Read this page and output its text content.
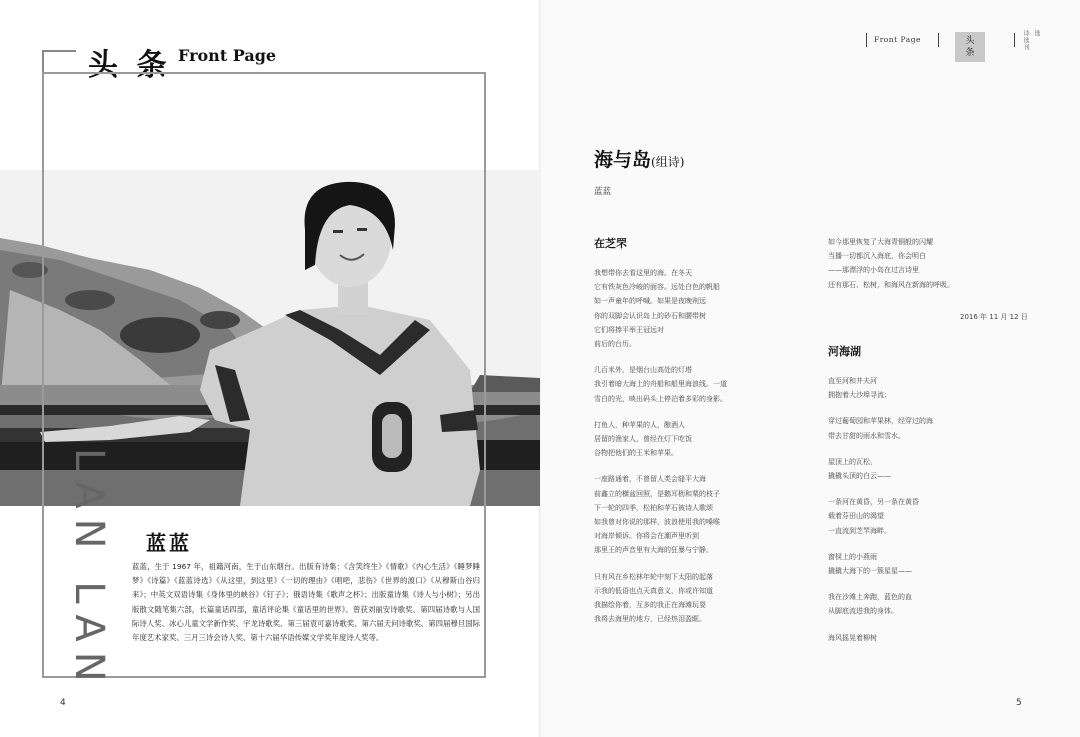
头 条 Front Page
LAN LAN 蓝蓝
蓝蓝，生于 1967 年，祖籍河南，生于山东烟台。出版有诗集：《含笑终生》《情歌》《内心生活》《睡梦睡梦》《诗篇》《蓝蓝诗选》《从这里，到这里》《一切的理由》《唱吧，悲伤》《世界的渡口》《从穆斯山谷归来》；中英文双语诗集《身体里的峡谷》《钉子》；俄语诗集《歌声之杯》；出版童诗集《诗人与小树》；另出版散文随笔集六部，长篇童话四部，童话评论集《童话里的世界》。曾获刘丽安诗歌奖、第四届诗歌与人国际诗人奖、冰心儿童文学新作奖、宇龙诗歌奖、第三届袁可嘉诗歌奖、第六届天问诗歌奖、第四届穆旦国际年度艺术家奖、三月三诗会诗人奖、第十六届华语传媒文学奖年度诗人奖等。
4
Front Page	头
条
诗选刊 选
海与岛(组诗)
蓝蓝
在芝罘
我想带你去看这里的海。在冬天
它有铁灰色冷峻的面容。远处白色的帆船
如一声童年的呼喊。如果是夜晚则远
你的双脚会认识岛上的砂石和腰带树
它们将捧平举王冠远对
前后的台历。
几百米外，是烟台山高处的灯塔
我引着暗大海上的舟船和船里海浪线。一道
雪白的光，映出码头上停泊着多彩的身影。
打鱼人，种苹果的人，酿酒人
居留的渔家人，曾经在灯下吃饭
谷物把他们的王米和苹果。
一座路通着，不曾留人类会缝平大海
前鑫立的横盆回照，是鹅耳枥和栗的枝子
下一轮的四季，松柏和苹石被诗人歌颂
如我曾对你说的那样，波浪使用我的嗓喉
对海岸倾诉。你将会在潮声里听到
那里王的声音里有大海的狂暴与宁静。
只有风在乡松林年轮中刻下太阳的起落
示我的低语也点天真意义，你或许知道
我描绘你着，互多的我正在海滩玩耍
我将去海里的地方，已经热泪盈眶。
如今那里恢复了大海青铜般的闪耀
当播一切都沉入海底，你会明白
——那漂浮的小岛在过言诗里
还有那石、松树，和海风在新海的呼吸。
2016 年 11 月 12 日
河海湖
直至河和井夫河
拥抱着大沙埠寻流：
穿过葡萄园和苹果林，经穿过的海
带去甘甜的雨水和雪水。
屋顶上的瓦松，
撬撬头顶的白云——
一条河在黄昏，另一条在黄昏
载着芬田山的渴望
一直流到芝罘海畔。
窗棂上的小燕雨
撬撬大海下的一簇星星——
我在沙滩上奔跑，蓝色的血
从脚底流进我的身体。
海风摇晃着柳树
5
